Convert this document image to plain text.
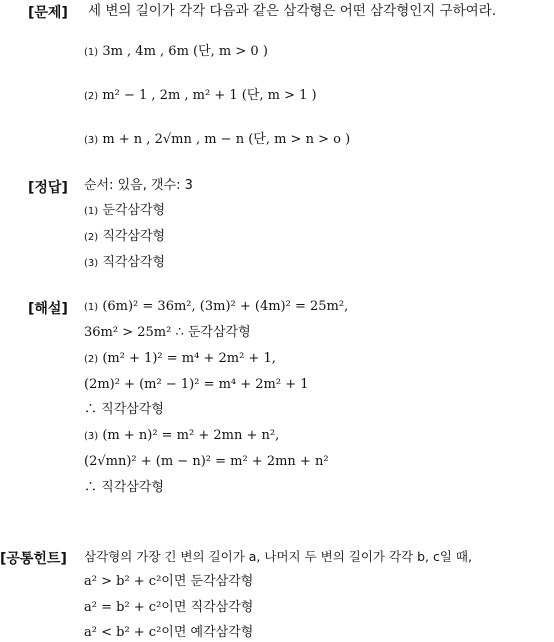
[문제] 세 변의 길이가 각각 다음과 같은 삼각형은 어떤 삼각형인지 구하여라.
(1) 3m , 4m , 6m (단, m > 0 )
(2) m² − 1 , 2m , m² + 1 (단, m > 1 )
(3) m + n , 2√mn , m − n (단, m > n > o )
[정답] 순서: 있음, 갯수: 3
(1) 둔각삼각형
(2) 직각삼각형
(3) 직각삼각형
[해설] (1) (6m)² = 36m², (3m)² + (4m)² = 25m²,
36m² > 25m² ∴ 둔각삼각형
(2) (m² + 1)² = m⁴ + 2m² + 1,
(2m)² + (m² − 1)² = m⁴ + 2m² + 1
∴ 직각삼각형
(3) (m + n)² = m² + 2mn + n²,
(2√mn)² + (m − n)² = m² + 2mn + n²
∴ 직각삼각형
[공통힌트] 삼각형의 가장 긴 변의 길이가 a, 나머지 두 변의 길이가 각각 b, c일 때,
a² > b² + c²이면 둔각삼각형
a² = b² + c²이면 직각삼각형
a² < b² + c²이면 예각삼각형
